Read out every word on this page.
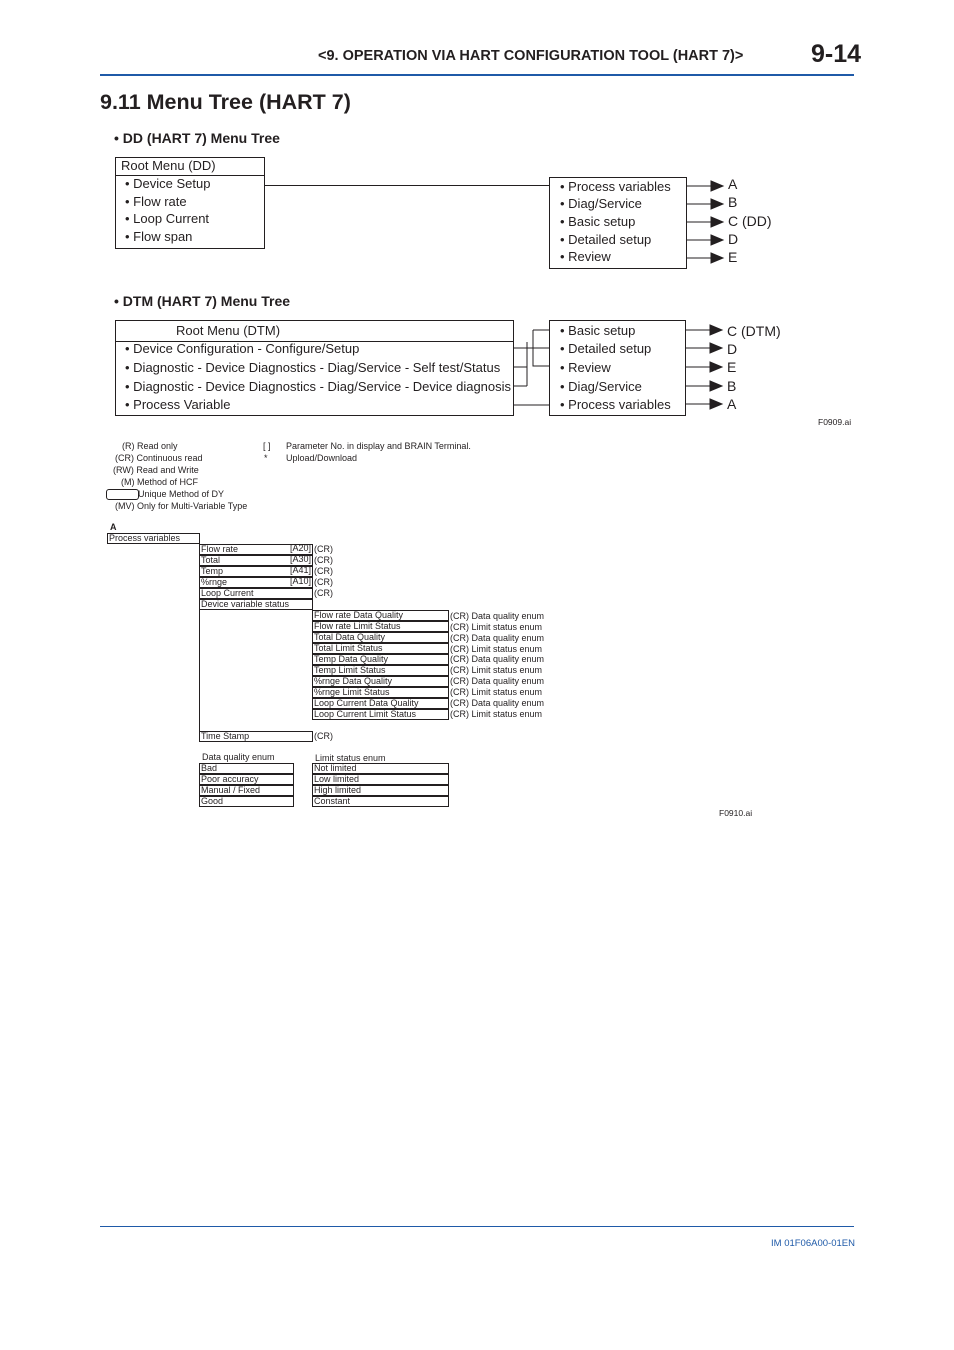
<9. OPERATION VIA HART CONFIGURATION TOOL (HART 7)>	9-14
9.11 Menu Tree (HART 7)
• DD (HART 7) Menu Tree
Root Menu (DD)
• Device Setup
• Flow rate
• Loop Current
• Flow span
• Process variables
• Diag/Service
• Basic setup
• Detailed setup
• Review
A
B
C (DD)
D
E
• DTM (HART 7) Menu Tree
Root Menu (DTM)
• Device Configuration - Configure/Setup
• Diagnostic - Device Diagnostics - Diag/Service - Self test/Status
• Diagnostic - Device Diagnostics - Diag/Service - Device diagnosis
• Process Variable
• Basic setup
• Detailed setup
• Review
• Diag/Service
• Process variables
C (DTM)
D
E
B
A
F0909.ai
(R) Read only
(CR) Continuous read
(RW) Read and Write
(M) Method of HCF
Unique Method of DY
(MV) Only for Multi-Variable Type
[ ] Parameter No. in display and BRAIN Terminal.
* Upload/Download
A
Process variables
Flow rate	[A20] (CR)
Total	[A30] (CR)
Temp	[A41] (CR)
%rnge	[A10] (CR)
Loop Current	(CR)
Device variable status
Flow rate Data Quality	(CR) Data quality enum
Flow rate Limit Status	(CR) Limit status enum
Total Data Quality	(CR) Data quality enum
Total Limit Status	(CR) Limit status enum
Temp Data Quality	(CR) Data quality enum
Temp Limit Status	(CR) Limit status enum
%rnge Data Quality	(CR) Data quality enum
%rnge Limit Status	(CR) Limit status enum
Loop Current Data Quality	(CR) Data quality enum
Loop Current Limit Status	(CR) Limit status enum
Time Stamp	(CR)
Data quality enum
Bad
Poor accuracy
Manual / Fixed
Good
Limit status enum
Not limited
Low limited
High limited
Constant
F0910.ai
IM 01F06A00-01EN
